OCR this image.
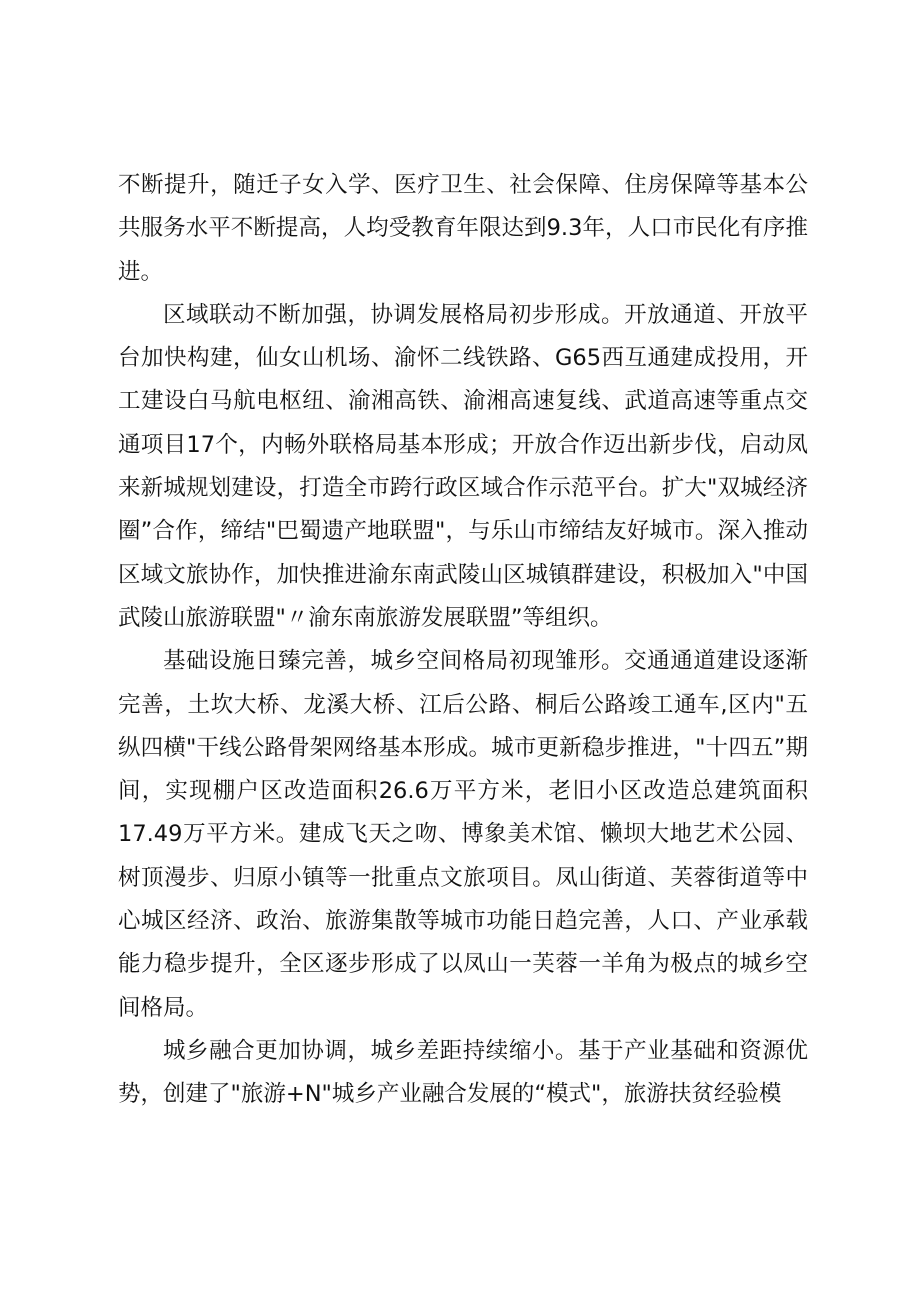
不断提升，随迁子女入学、医疗卫生、社会保障、住房保障等基本公共服务水平不断提高，人均受教育年限达到9.3年，人口市民化有序推进。

区域联动不断加强，协调发展格局初步形成。开放通道、开放平台加快构建，仙女山机场、渝怀二线铁路、G65西互通建成投用，开工建设白马航电枢纽、渝湘高铁、渝湘高速复线、武道高速等重点交通项目17个，内畅外联格局基本形成；开放合作迈出新步伐，启动凤来新城规划建设，打造全市跨行政区域合作示范平台。扩大"双城经济圈”合作，缔结"巴蜀遗产地联盟"，与乐山市缔结友好城市。深入推动区域文旅协作，加快推进渝东南武陵山区城镇群建设，积极加入"中国武陵山旅游联盟"〃渝东南旅游发展联盟”等组织。

基础设施日臻完善，城乡空间格局初现雏形。交通通道建设逐渐完善，土坎大桥、龙溪大桥、江后公路、桐后公路竣工通车,区内"五纵四横"干线公路骨架网络基本形成。城市更新稳步推进，"十四五”期间，实现棚户区改造面积26.6万平方米，老旧小区改造总建筑面积17.49万平方米。建成飞天之吻、博象美术馆、懒坝大地艺术公园、树顶漫步、归原小镇等一批重点文旅项目。凤山街道、芙蓉街道等中心城区经济、政治、旅游集散等城市功能日趋完善，人口、产业承载能力稳步提升，全区逐步形成了以凤山一芙蓉一羊角为极点的城乡空间格局。

城乡融合更加协调，城乡差距持续缩小。基于产业基础和资源优势，创建了"旅游+N"城乡产业融合发展的“模式"，旅游扶贫经验模
